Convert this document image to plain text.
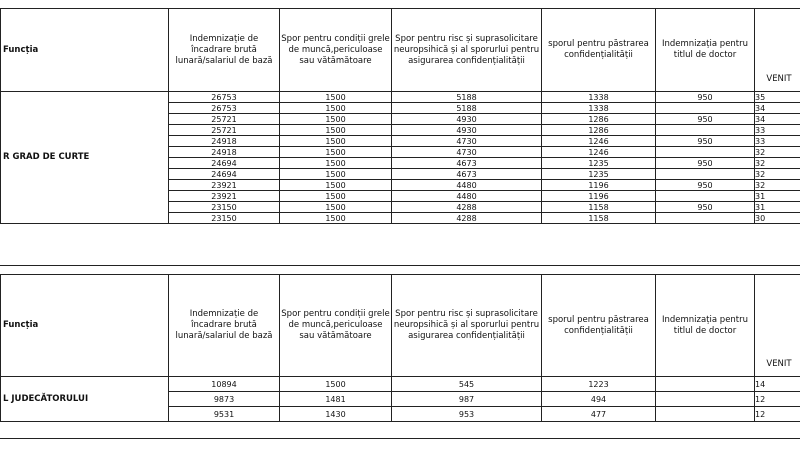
Funcția	Indemnizație de încadrare brută lunară/salariul de bază	Spor pentru condiții grele de muncă,periculoase sau vătămătoare	Spor pentru risc și suprasolicitare neuropsihică și al sporurlui pentru asigurarea confidențialității	sporul pentru păstrarea confidențialității	Indemnizația pentru titlul de doctor	VENIT
R GRAD DE CURTE	26753	1500	5188	1338	950	35
	26753	1500	5188	1338		34
	25721	1500	4930	1286	950	34
	25721	1500	4930	1286		33
	24918	1500	4730	1246	950	33
	24918	1500	4730	1246		32
	24694	1500	4673	1235	950	32
	24694	1500	4673	1235		32
	23921	1500	4480	1196	950	32
	23921	1500	4480	1196		31
	23150	1500	4288	1158	950	31
	23150	1500	4288	1158		30
Funcția	Indemnizație de încadrare brută lunară/salariul de bază	Spor pentru condiții grele de muncă,periculoase sau vătămătoare	Spor pentru risc și suprasolicitare neuropsihică și al sporurlui pentru asigurarea confidențialității	sporul pentru păstrarea confidențialității	Indemnizația pentru titlul de doctor	VENIT
L JUDECĂTORULUI	10894	1500	545	1223		14
	9873	1481	987	494		12
	9531	1430	953	477		12
